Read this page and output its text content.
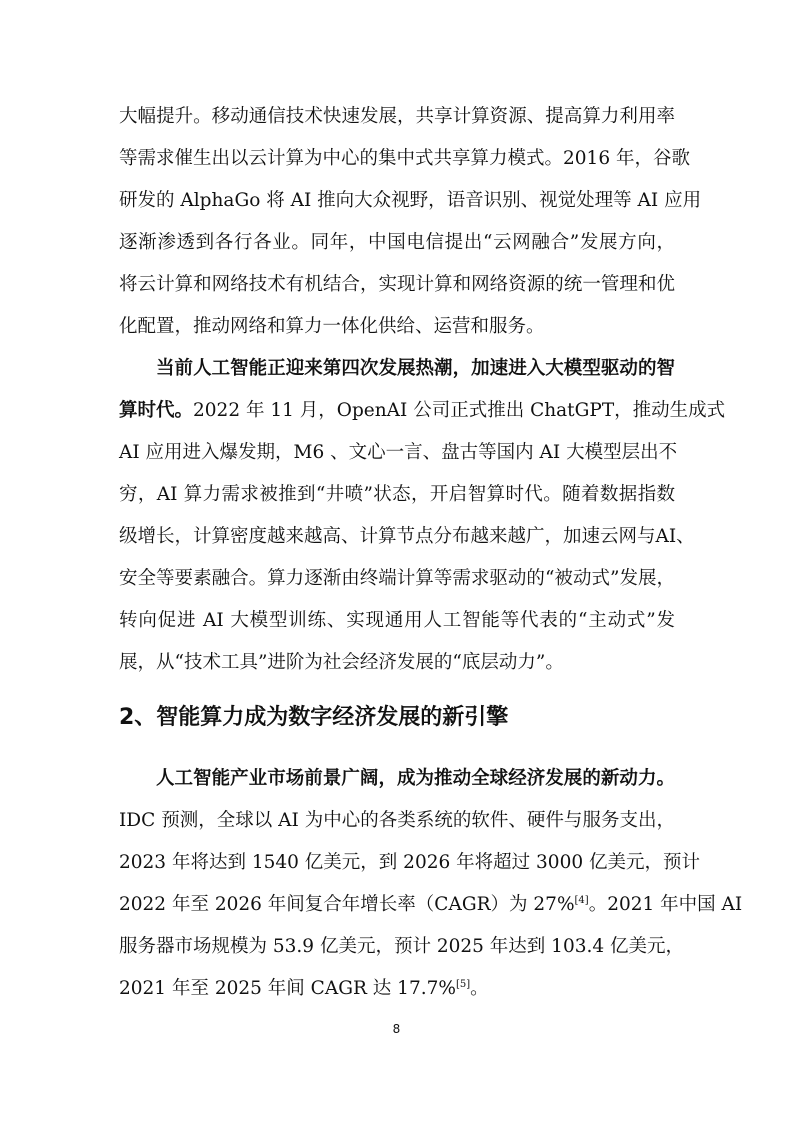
大幅提升。移动通信技术快速发展，共享计算资源、提高算力利用率
等需求催生出以云计算为中心的集中式共享算力模式。2016 年，谷歌
研发的 AlphaGo 将 AI 推向大众视野，语音识别、视觉处理等 AI 应用
逐渐渗透到各行各业。同年，中国电信提出“云网融合”发展方向，
将云计算和网络技术有机结合，实现计算和网络资源的统一管理和优
化配置，推动网络和算力一体化供给、运营和服务。
当前人工智能正迎来第四次发展热潮，加速进入大模型驱动的智
算时代。2022 年 11 月，OpenAI 公司正式推出 ChatGPT，推动生成式
AI 应用进入爆发期，M6 、文心一言、盘古等国内 AI 大模型层出不
穷，AI 算力需求被推到“井喷”状态，开启智算时代。随着数据指数
级增长，计算密度越来越高、计算节点分布越来越广，加速云网与AI、
安全等要素融合。算力逐渐由终端计算等需求驱动的“被动式”发展，
转向促进 AI 大模型训练、实现通用人工智能等代表的“主动式”发
展，从“技术工具”进阶为社会经济发展的“底层动力”。
2、智能算力成为数字经济发展的新引擎
人工智能产业市场前景广阔，成为推动全球经济发展的新动力。
IDC 预测，全球以 AI 为中心的各类系统的软件、硬件与服务支出，
2023 年将达到 1540 亿美元，到 2026 年将超过 3000 亿美元，预计
2022 年至 2026 年间复合年增长率（CAGR）为 27%[4]。2021 年中国 AI
服务器市场规模为 53.9 亿美元，预计 2025 年达到 103.4 亿美元，
2021 年至 2025 年间 CAGR 达 17.7%[5]。
8
